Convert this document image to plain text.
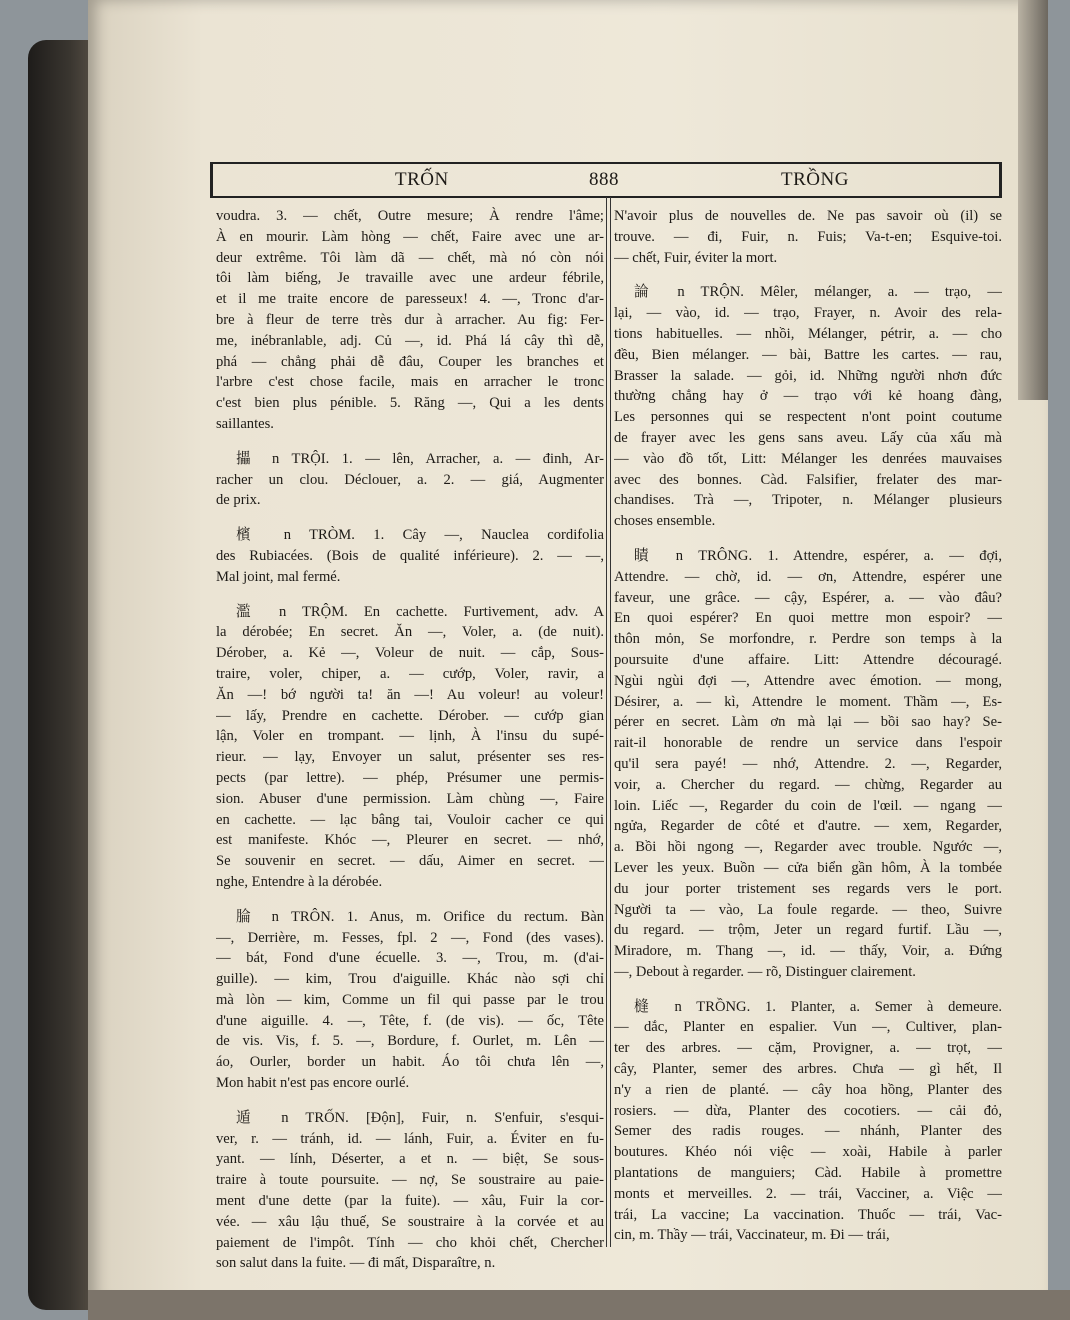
TRỐN	888	TRỒNG
voudra. 3. — chết, Outre mesure; À rendre l'âme;
À en mourir. Làm hòng — chết, Faire avec une ar-
deur extrême. Tôi làm dã — chết, mà nó còn nói
tôi làm biếng, Je travaille avec une ardeur fébrile,
et il me traite encore de paresseux! 4. —, Tronc d'ar-
bre à fleur de terre très dur à arracher. Au fig: Fer-
me, inébranlable, adj. Củ —, id. Phá lá cây thì dễ,
phá — chẳng phải dễ đâu, Couper les branches et
l'arbre c'est chose facile, mais en arracher le tronc
c'est bien plus pénible. 5. Răng —, Qui a les dents
saillantes.
攂 n TRỘI. 1. — lên, Arracher, a. — đinh, Ar-
racher un clou. Déclouer, a. 2. — giá, Augmenter
de prix.
檳 n TRÒM. 1. Cây —, Nauclea cordifolia
des Rubiacées. (Bois de qualité inférieure). 2. — —,
Mal joint, mal fermé.
濫 n TRỘM. En cachette. Furtivement, adv. A
la dérobée; En secret. Ăn —, Voler, a. (de nuit).
Dérober, a. Kẻ —, Voleur de nuit. — cắp, Sous-
traire, voler, chiper, a. — cướp, Voler, ravir, a
Ăn —! bớ người ta! ăn —! Au voleur! au voleur!
— lấy, Prendre en cachette. Dérober. — cướp gian
lận, Voler en trompant. — lịnh, À l'insu du supé-
rieur. — lạy, Envoyer un salut, présenter ses res-
pects (par lettre). — phép, Présumer une permis-
sion. Abuser d'une permission. Làm chùng —, Faire
en cachette. — lạc bâng tai, Vouloir cacher ce qui
est manifeste. Khóc —, Pleurer en secret. — nhớ,
Se souvenir en secret. — dấu, Aimer en secret. —
nghe, Entendre à la dérobée.
腀 n TRÔN. 1. Anus, m. Orifice du rectum. Bàn
—, Derrière, m. Fesses, fpl. 2 —, Fond (des vases).
— bát, Fond d'une écuelle. 3. —, Trou, m. (d'ai-
guille). — kim, Trou d'aiguille. Khác nào sợi chỉ
mà lòn — kim, Comme un fil qui passe par le trou
d'une aiguille. 4. —, Tête, f. (de vis). — ốc, Tête
de vis. Vis, f. 5. —, Bordure, f. Ourlet, m. Lên —
áo, Ourler, border un habit. Áo tôi chưa lên —,
Mon habit n'est pas encore ourlé.
遁 n TRỐN. [Độn], Fuir, n. S'enfuir, s'esqui-
ver, r. — tránh, id. — lánh, Fuir, a. Éviter en fu-
yant. — lính, Déserter, a et n. — biệt, Se sous-
traire à toute poursuite. — nợ, Se soustraire au paie-
ment d'une dette (par la fuite). — xâu, Fuir la cor-
vée. — xâu lậu thuế, Se soustraire à la corvée et au
paiement de l'impôt. Tính — cho khỏi chết, Chercher
son salut dans la fuite. — đi mất, Disparaître, n.
N'avoir plus de nouvelles de. Ne pas savoir où (il) se
trouve. — đi, Fuir, n. Fuis; Va-t-en; Esquive-toi.
— chết, Fuir, éviter la mort.
論 n TRỘN. Mêler, mélanger, a. — trạo, —
lại, — vào, id. — trạo, Frayer, n. Avoir des rela-
tions habituelles. — nhồi, Mélanger, pétrir, a. — cho
đều, Bien mélanger. — bài, Battre les cartes. — rau,
Brasser la salade. — gỏi, id. Những người nhơn đức
thường chẳng hay ở — trạo với kẻ hoang đàng,
Les personnes qui se respectent n'ont point coutume
de frayer avec les gens sans aveu. Lấy của xấu mà
— vào đồ tốt, Litt: Mélanger les denrées mauvaises
avec des bonnes. Càd. Falsifier, frelater des mar-
chandises. Trà —, Tripoter, n. Mélanger plusieurs
choses ensemble.
瞔 n TRÔNG. 1. Attendre, espérer, a. — đợi,
Attendre. — chờ, id. — ơn, Attendre, espérer une
faveur, une grâce. — cậy, Espérer, a. — vào đâu?
En quoi espérer? En quoi mettre mon espoir? —
thôn mỏn, Se morfondre, r. Perdre son temps à la
poursuite d'une affaire. Litt: Attendre découragé.
Ngùi ngùi đợi —, Attendre avec émotion. — mong,
Désirer, a. — kì, Attendre le moment. Thầm —, Es-
pérer en secret. Làm ơn mà lại — bồi sao hay? Se-
rait-il honorable de rendre un service dans l'espoir
qu'il sera payé! — nhớ, Attendre. 2. —, Regarder,
voir, a. Chercher du regard. — chừng, Regarder au
loin. Liếc —, Regarder du coin de l'œil. — ngang —
ngửa, Regarder de côté et d'autre. — xem, Regarder,
a. Bồi hồi ngong —, Regarder avec trouble. Ngước —,
Lever les yeux. Buồn — cửa biển gần hôm, À la tombée
du jour porter tristement ses regards vers le port.
Người ta — vào, La foule regarde. — theo, Suivre
du regard. — trộm, Jeter un regard furtif. Lầu —,
Miradore, m. Thang —, id. — thấy, Voir, a. Đứng
—, Debout à regarder. — rõ, Distinguer clairement.
槰 n TRỒNG. 1. Planter, a. Semer à demeure.
— dắc, Planter en espalier. Vun —, Cultiver, plan-
ter des arbres. — cặm, Provigner, a. — trọt, —
cây, Planter, semer des arbres. Chưa — gì hết, Il
n'y a rien de planté. — cây hoa hồng, Planter des
rosiers. — dừa, Planter des cocotiers. — cải đỏ,
Semer des radis rouges. — nhánh, Planter des
boutures. Khéo nói việc — xoài, Habile à parler
plantations de manguiers; Càd. Habile à promettre
monts et merveilles. 2. — trái, Vacciner, a. Việc —
trái, La vaccine; La vaccination. Thuốc — trái, Vac-
cin, m. Thầy — trái, Vaccinateur, m. Đi — trái,
